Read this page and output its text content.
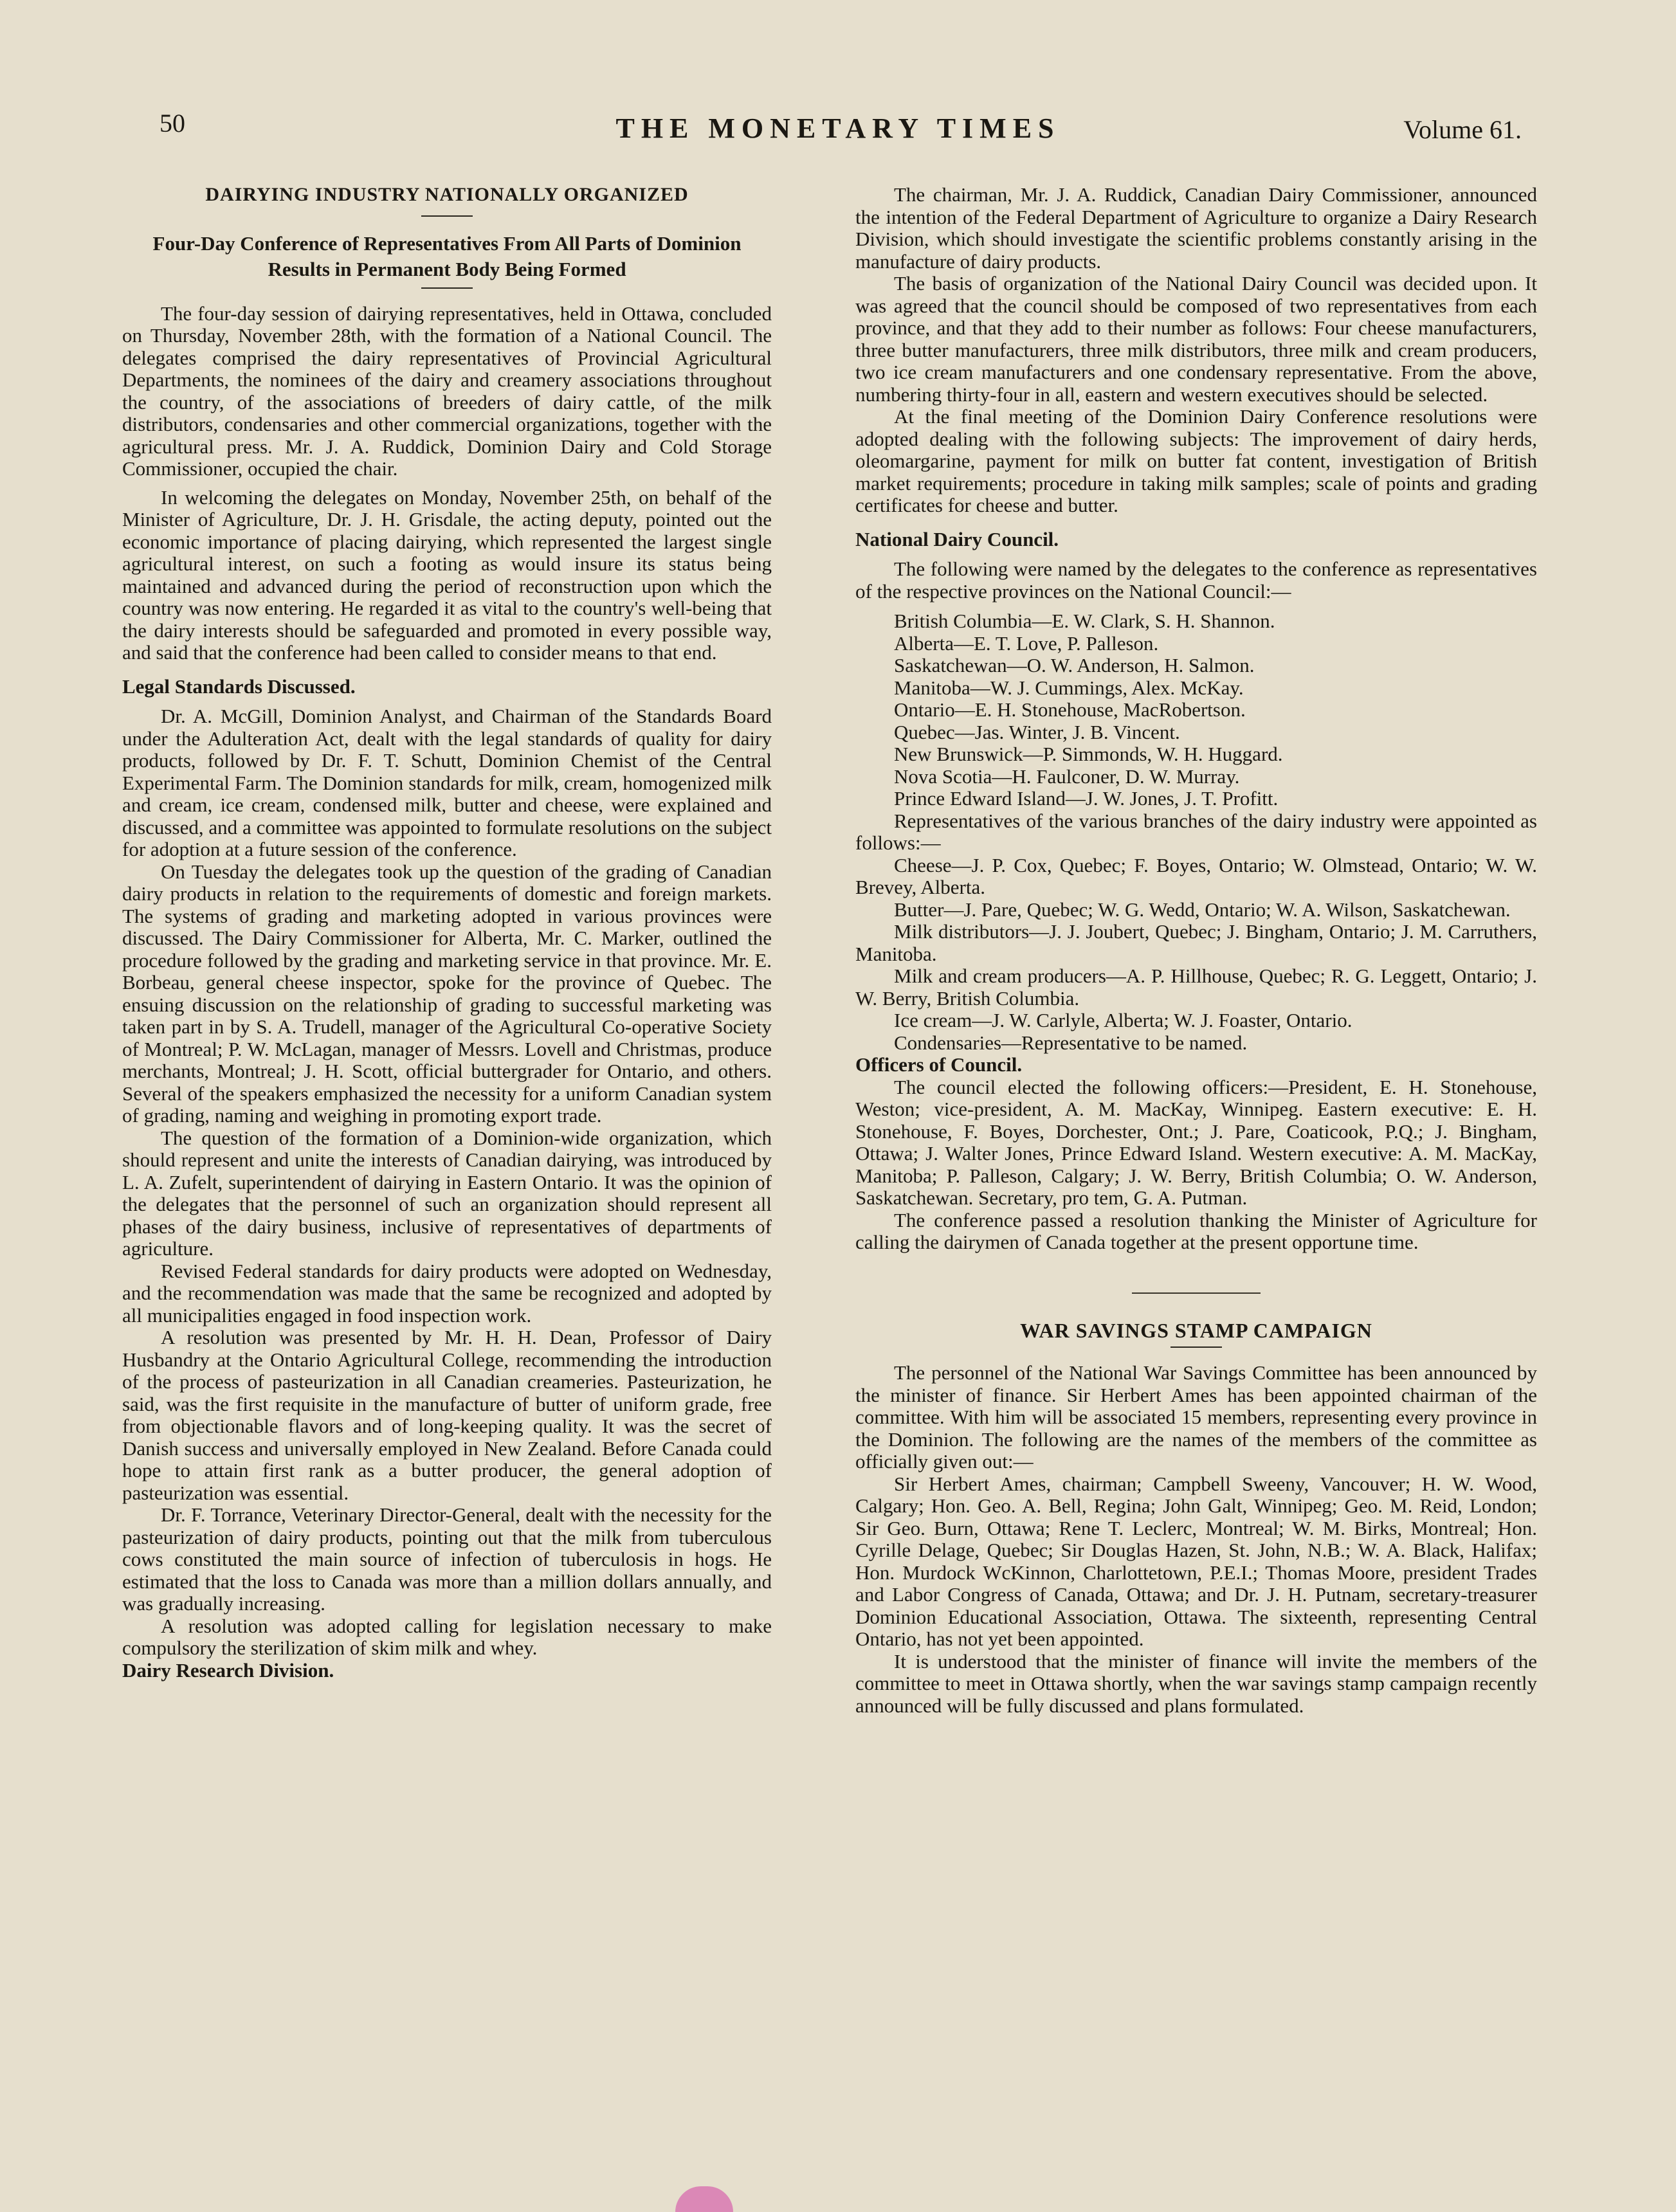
50	THE MONETARY TIMES	Volume 61.
DAIRYING INDUSTRY NATIONALLY ORGANIZED
Four-Day Conference of Representatives From All Parts of Dominion Results in Permanent Body Being Formed

The four-day session of dairying representatives, held in Ottawa, concluded on Thursday, November 28th, with the formation of a National Council. The delegates comprised the dairy representatives of Provincial Agricultural Departments, the nominees of the dairy and creamery associations throughout the country, of the associations of breeders of dairy cattle, of the milk distributors, condensaries and other commercial organizations, together with the agricultural press. Mr. J. A. Ruddick, Dominion Dairy and Cold Storage Commissioner, occupied the chair.

In welcoming the delegates on Monday, November 25th, on behalf of the Minister of Agriculture, Dr. J. H. Grisdale, the acting deputy, pointed out the economic importance of placing dairying, which represented the largest single agricultural interest, on such a footing as would insure its status being maintained and advanced during the period of reconstruction upon which the country was now entering. He regarded it as vital to the country's well-being that the dairy interests should be safeguarded and promoted in every possible way, and said that the conference had been called to consider means to that end.

Legal Standards Discussed.

Dr. A. McGill, Dominion Analyst, and Chairman of the Standards Board under the Adulteration Act, dealt with the legal standards of quality for dairy products, followed by Dr. F. T. Schutt, Dominion Chemist of the Central Experimental Farm. The Dominion standards for milk, cream, homogenized milk and cream, ice cream, condensed milk, butter and cheese, were explained and discussed, and a committee was appointed to formulate resolutions on the subject for adoption at a future session of the conference.

On Tuesday the delegates took up the question of the grading of Canadian dairy products in relation to the requirements of domestic and foreign markets. The systems of grading and marketing adopted in various provinces were discussed. The Dairy Commissioner for Alberta, Mr. C. Marker, outlined the procedure followed by the grading and marketing service in that province. Mr. E. Borbeau, general cheese inspector, spoke for the province of Quebec. The ensuing discussion on the relationship of grading to successful marketing was taken part in by S. A. Trudell, manager of the Agricultural Co-operative Society of Montreal; P. W. McLagan, manager of Messrs. Lovell and Christmas, produce merchants, Montreal; J. H. Scott, official buttergrader for Ontario, and others. Several of the speakers emphasized the necessity for a uniform Canadian system of grading, naming and weighing in promoting export trade.

The question of the formation of a Dominion-wide organization, which should represent and unite the interests of Canadian dairying, was introduced by L. A. Zufelt, superintendent of dairying in Eastern Ontario. It was the opinion of the delegates that the personnel of such an organization should represent all phases of the dairy business, inclusive of representatives of departments of agriculture.

Revised Federal standards for dairy products were adopted on Wednesday, and the recommendation was made that the same be recognized and adopted by all municipalities engaged in food inspection work.

A resolution was presented by Mr. H. H. Dean, Professor of Dairy Husbandry at the Ontario Agricultural College, recommending the introduction of the process of pasteurization in all Canadian creameries. Pasteurization, he said, was the first requisite in the manufacture of butter of uniform grade, free from objectionable flavors and of long-keeping quality. It was the secret of Danish success and universally employed in New Zealand. Before Canada could hope to attain first rank as a butter producer, the general adoption of pasteurization was essential.

Dr. F. Torrance, Veterinary Director-General, dealt with the necessity for the pasteurization of dairy products, pointing out that the milk from tuberculous cows constituted the main source of infection of tuberculosis in hogs. He estimated that the loss to Canada was more than a million dollars annually, and was gradually increasing.

A resolution was adopted calling for legislation necessary to make compulsory the sterilization of skim milk and whey.

Dairy Research Division.

The chairman, Mr. J. A. Ruddick, Canadian Dairy Commissioner, announced the intention of the Federal Department of Agriculture to organize a Dairy Research Division, which should investigate the scientific problems constantly arising in the manufacture of dairy products.

The basis of organization of the National Dairy Council was decided upon. It was agreed that the council should be composed of two representatives from each province, and that they add to their number as follows: Four cheese manufacturers, three butter manufacturers, three milk distributors, three milk and cream producers, two ice cream manufacturers and one condensary representative. From the above, numbering thirty-four in all, eastern and western executives should be selected.

At the final meeting of the Dominion Dairy Conference resolutions were adopted dealing with the following subjects: The improvement of dairy herds, oleomargarine, payment for milk on butter fat content, investigation of British market requirements; procedure in taking milk samples; scale of points and grading certificates for cheese and butter.

National Dairy Council.

The following were named by the delegates to the conference as representatives of the respective provinces on the National Council:—

British Columbia—E. W. Clark, S. H. Shannon.
Alberta—E. T. Love, P. Palleson.
Saskatchewan—O. W. Anderson, H. Salmon.
Manitoba—W. J. Cummings, Alex. McKay.
Ontario—E. H. Stonehouse, MacRobertson.
Quebec—Jas. Winter, J. B. Vincent.
New Brunswick—P. Simmonds, W. H. Huggard.
Nova Scotia—H. Faulconer, D. W. Murray.
Prince Edward Island—J. W. Jones, J. T. Profitt.

Representatives of the various branches of the dairy industry were appointed as follows:—

Cheese—J. P. Cox, Quebec; F. Boyes, Ontario; W. Olmstead, Ontario; W. W. Brevey, Alberta.

Butter—J. Pare, Quebec; W. G. Wedd, Ontario; W. A. Wilson, Saskatchewan.

Milk distributors—J. J. Joubert, Quebec; J. Bingham, Ontario; J. M. Carruthers, Manitoba.

Milk and cream producers—A. P. Hillhouse, Quebec; R. G. Leggett, Ontario; J. W. Berry, British Columbia.

Ice cream—J. W. Carlyle, Alberta; W. J. Foaster, Ontario.

Condensaries—Representative to be named.

Officers of Council.

The council elected the following officers:—President, E. H. Stonehouse, Weston; vice-president, A. M. MacKay, Winnipeg. Eastern executive: E. H. Stonehouse, F. Boyes, Dorchester, Ont.; J. Pare, Coaticook, P.Q.; J. Bingham, Ottawa; J. Walter Jones, Prince Edward Island. Western executive: A. M. MacKay, Manitoba; P. Palleson, Calgary; J. W. Berry, British Columbia; O. W. Anderson, Saskatchewan. Secretary, pro tem, G. A. Putman.

The conference passed a resolution thanking the Minister of Agriculture for calling the dairymen of Canada together at the present opportune time.

WAR SAVINGS STAMP CAMPAIGN

The personnel of the National War Savings Committee has been announced by the minister of finance. Sir Herbert Ames has been appointed chairman of the committee. With him will be associated 15 members, representing every province in the Dominion. The following are the names of the members of the committee as officially given out:—

Sir Herbert Ames, chairman; Campbell Sweeny, Vancouver; H. W. Wood, Calgary; Hon. Geo. A. Bell, Regina; John Galt, Winnipeg; Geo. M. Reid, London; Sir Geo. Burn, Ottawa; Rene T. Leclerc, Montreal; W. M. Birks, Montreal; Hon. Cyrille Delage, Quebec; Sir Douglas Hazen, St. John, N.B.; W. A. Black, Halifax; Hon. Murdock WcKinnon, Charlottetown, P.E.I.; Thomas Moore, president Trades and Labor Congress of Canada, Ottawa; and Dr. J. H. Putnam, secretary-treasurer Dominion Educational Association, Ottawa. The sixteenth, representing Central Ontario, has not yet been appointed.

It is understood that the minister of finance will invite the members of the committee to meet in Ottawa shortly, when the war savings stamp campaign recently announced will be fully discussed and plans formulated.
